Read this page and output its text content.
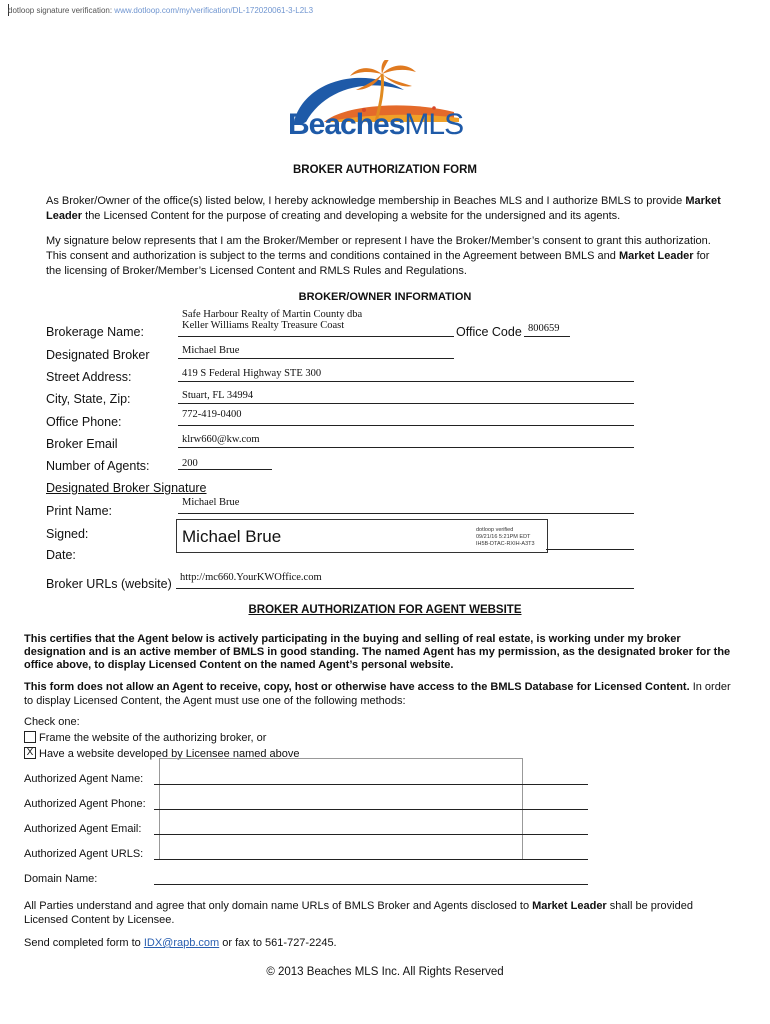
dotloop signature verification: www.dotloop.com/my/verification/DL-172020061-3-L2L3
BeachesMLS
BROKER AUTHORIZATION FORM
As Broker/Owner of the office(s) listed below, I hereby acknowledge membership in Beaches MLS and I authorize BMLS to provide Market Leader the Licensed Content for the purpose of creating and developing a website for the undersigned and its agents.
My signature below represents that I am the Broker/Member or represent I have the Broker/Member’s consent to grant this authorization. This consent and authorization is subject to the terms and conditions contained in the Agreement between BMLS and Market Leader for the licensing of Broker/Member’s Licensed Content and RMLS Rules and Regulations.
BROKER/OWNER INFORMATION
Brokerage Name:
Safe Harbour Realty of Martin County dba
Keller Williams Realty Treasure Coast	Office Code 800659
Designated Broker	Michael Brue
Street Address:	419 S Federal Highway STE 300
City, State, Zip:	Stuart, FL 34994
Office Phone:
772-419-0400
Broker Email	klrw660@kw.com
Number of Agents:	200
Designated Broker Signature
Print Name:
Michael Brue
Signed:	Michael Brue	dotloop verified
09/21/16 5:21PM EDT
IH5B-DTAC-RXIH-A3T3
Date:
Broker URLs (website) http://mc660.YourKWOffice.com
BROKER AUTHORIZATION FOR AGENT WEBSITE
This certifies that the Agent below is actively participating in the buying and selling of real estate, is working under my broker designation and is an active member of BMLS in good standing. The named Agent has my permission, as the designated broker for the office above, to display Licensed Content on the named Agent’s personal website.
This form does not allow an Agent to receive, copy, host or otherwise have access to the BMLS Database for Licensed Content. In order to display Licensed Content, the Agent must use one of the following methods:
Check one:
Frame the website of the authorizing broker, or
X Have a website developed by Licensee named above
Authorized Agent Name:
Authorized Agent Phone:
Authorized Agent Email:
Authorized Agent URLS:
Domain Name:
All Parties understand and agree that only domain name URLs of BMLS Broker and Agents disclosed to Market Leader shall be provided Licensed Content by Licensee.
Send completed form to IDX@rapb.com or fax to 561-727-2245.
© 2013 Beaches MLS Inc. All Rights Reserved
